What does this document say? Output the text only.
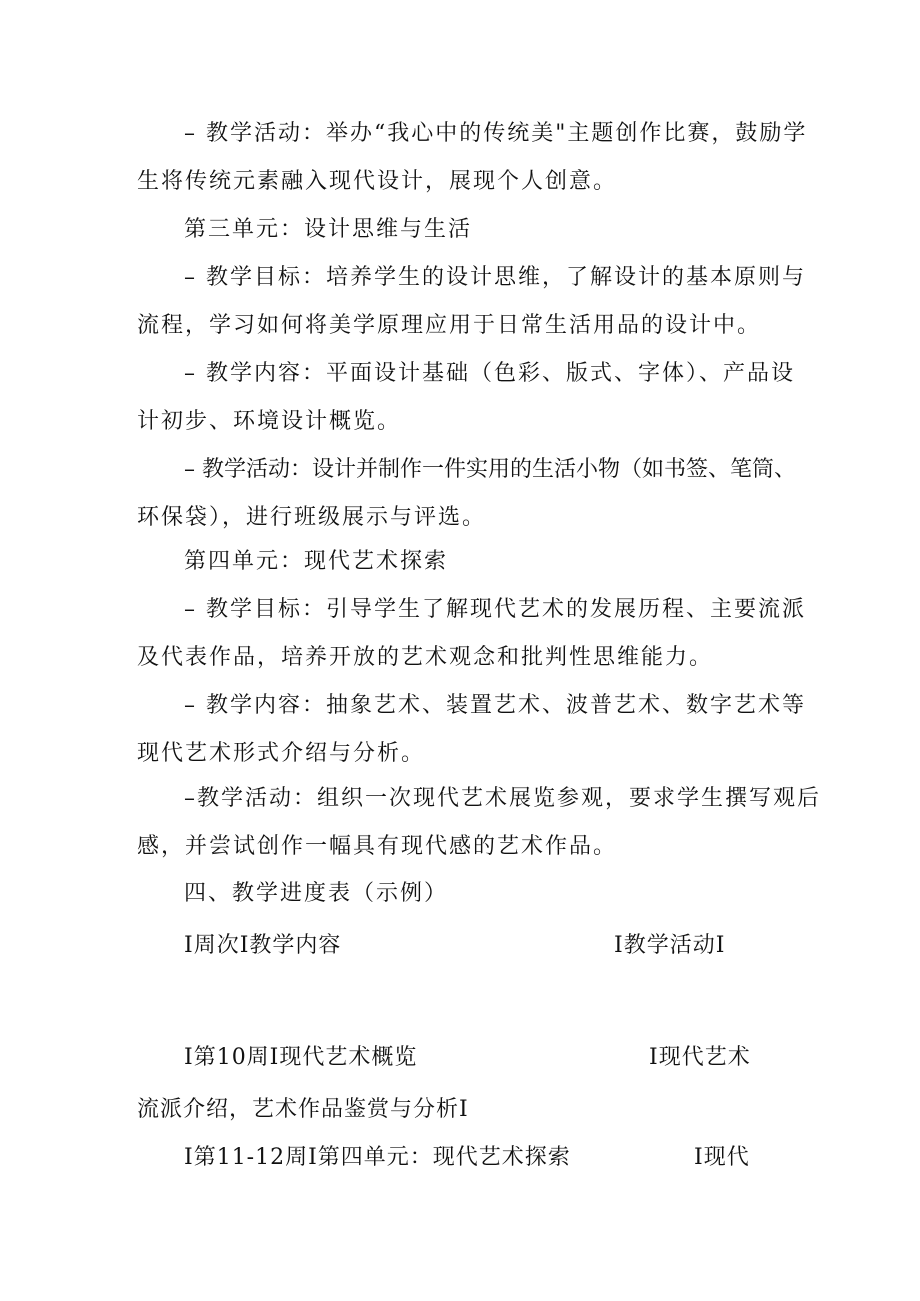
– 教学活动：举办“我心中的传统美"主题创作比赛，鼓励学
生将传统元素融入现代设计，展现个人创意。
第三单元：设计思维与生活
– 教学目标：培养学生的设计思维，了解设计的基本原则与
流程，学习如何将美学原理应用于日常生活用品的设计中。
– 教学内容：平面设计基础（色彩、版式、字体）、产品设
计初步、环境设计概览。
– 教学活动：设计并制作一件实用的生活小物（如书签、笔筒、
环保袋），进行班级展示与评选。
第四单元：现代艺术探索
– 教学目标：引导学生了解现代艺术的发展历程、主要流派
及代表作品，培养开放的艺术观念和批判性思维能力。
– 教学内容：抽象艺术、装置艺术、波普艺术、数字艺术等
现代艺术形式介绍与分析。
–教学活动：组织一次现代艺术展览参观，要求学生撰写观后
感，并尝试创作一幅具有现代感的艺术作品。
四、教学进度表（示例）
I周次I教学内容	I教学活动I
I第10周I现代艺术概览	I现代艺术
流派介绍，艺术作品鉴赏与分析I
I第11-12周I第四单元：现代艺术探索	I现代
